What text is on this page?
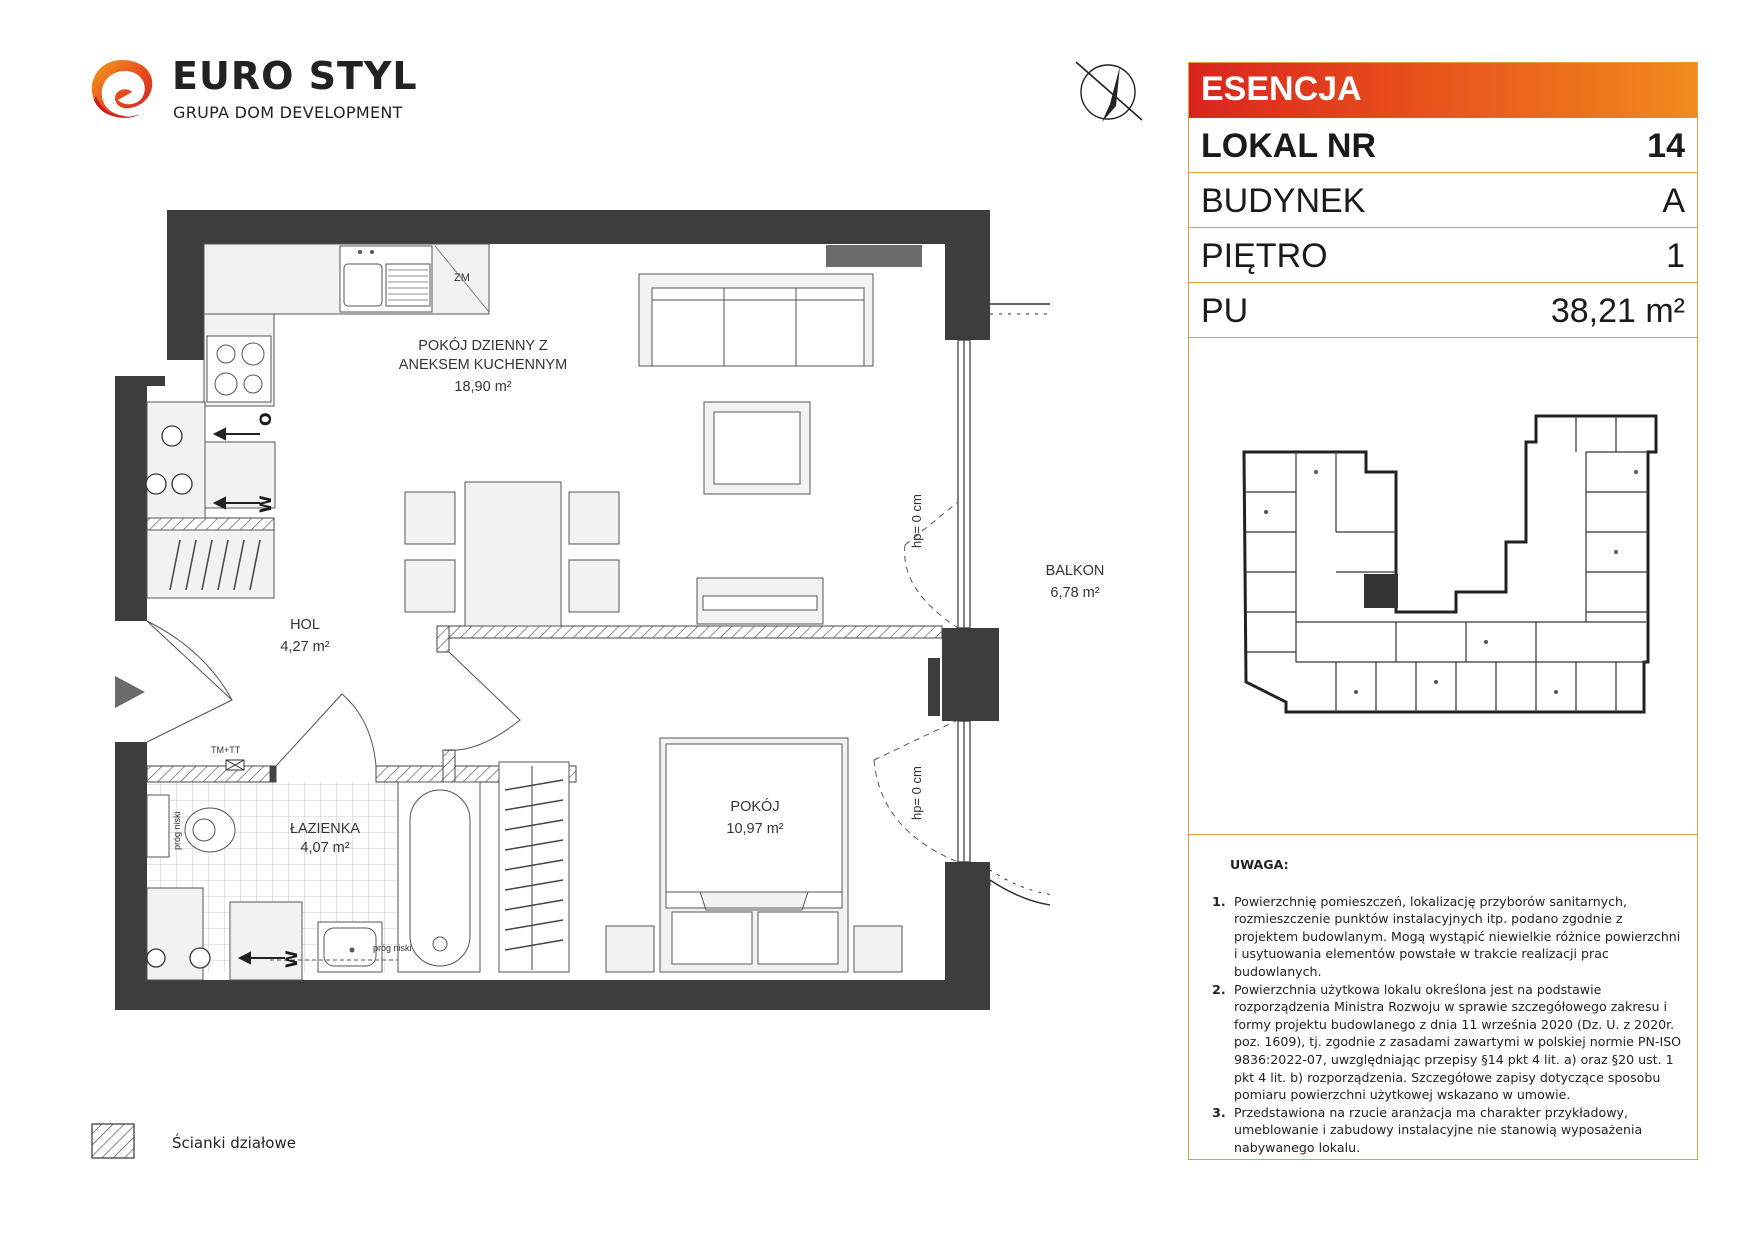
EURO STYL
GRUPA DOM DEVELOPMENT
POKÓJ DZIENNY Z
ANEKSEM KUCHENNYM
18,90 m²
HOL
4,27 m²
ŁAZIENKA
4,07 m²
POKÓJ
10,97 m²
BALKON
6,78 m²
hp= 0 cm
hp= 0 cm
ZM
TM+TT
próg niski
próg niski
O
W
W
ESENCJA
LOKAL NR	14
BUDYNEK	A
PIĘTRO	1
PU	38,21 m²
UWAGA:
1. Powierzchnię pomieszczeń, lokalizację przyborów sanitarnych, rozmieszczenie punktów instalacyjnych itp. podano zgodnie z projektem budowlanym. Mogą wystąpić niewielkie różnice powierzchni i usytuowania elementów powstałe w trakcie realizacji prac budowlanych.
2. Powierzchnia użytkowa lokalu określona jest na podstawie rozporządzenia Ministra Rozwoju w sprawie szczegółowego zakresu i formy projektu budowlanego z dnia 11 września 2020 (Dz. U. z 2020r. poz. 1609), tj. zgodnie z zasadami zawartymi w polskiej normie PN-ISO 9836:2022-07, uwzględniając przepisy §14 pkt 4 lit. a) oraz §20 ust. 1 pkt 4 lit. b) rozporządzenia. Szczegółowe zapisy dotyczące sposobu pomiaru powierzchni użytkowej wskazano w umowie.
3. Przedstawiona na rzucie aranżacja ma charakter przykładowy, umeblowanie i zabudowy instalacyjne nie stanowią wyposażenia nabywanego lokalu.
Ścianki działowe
